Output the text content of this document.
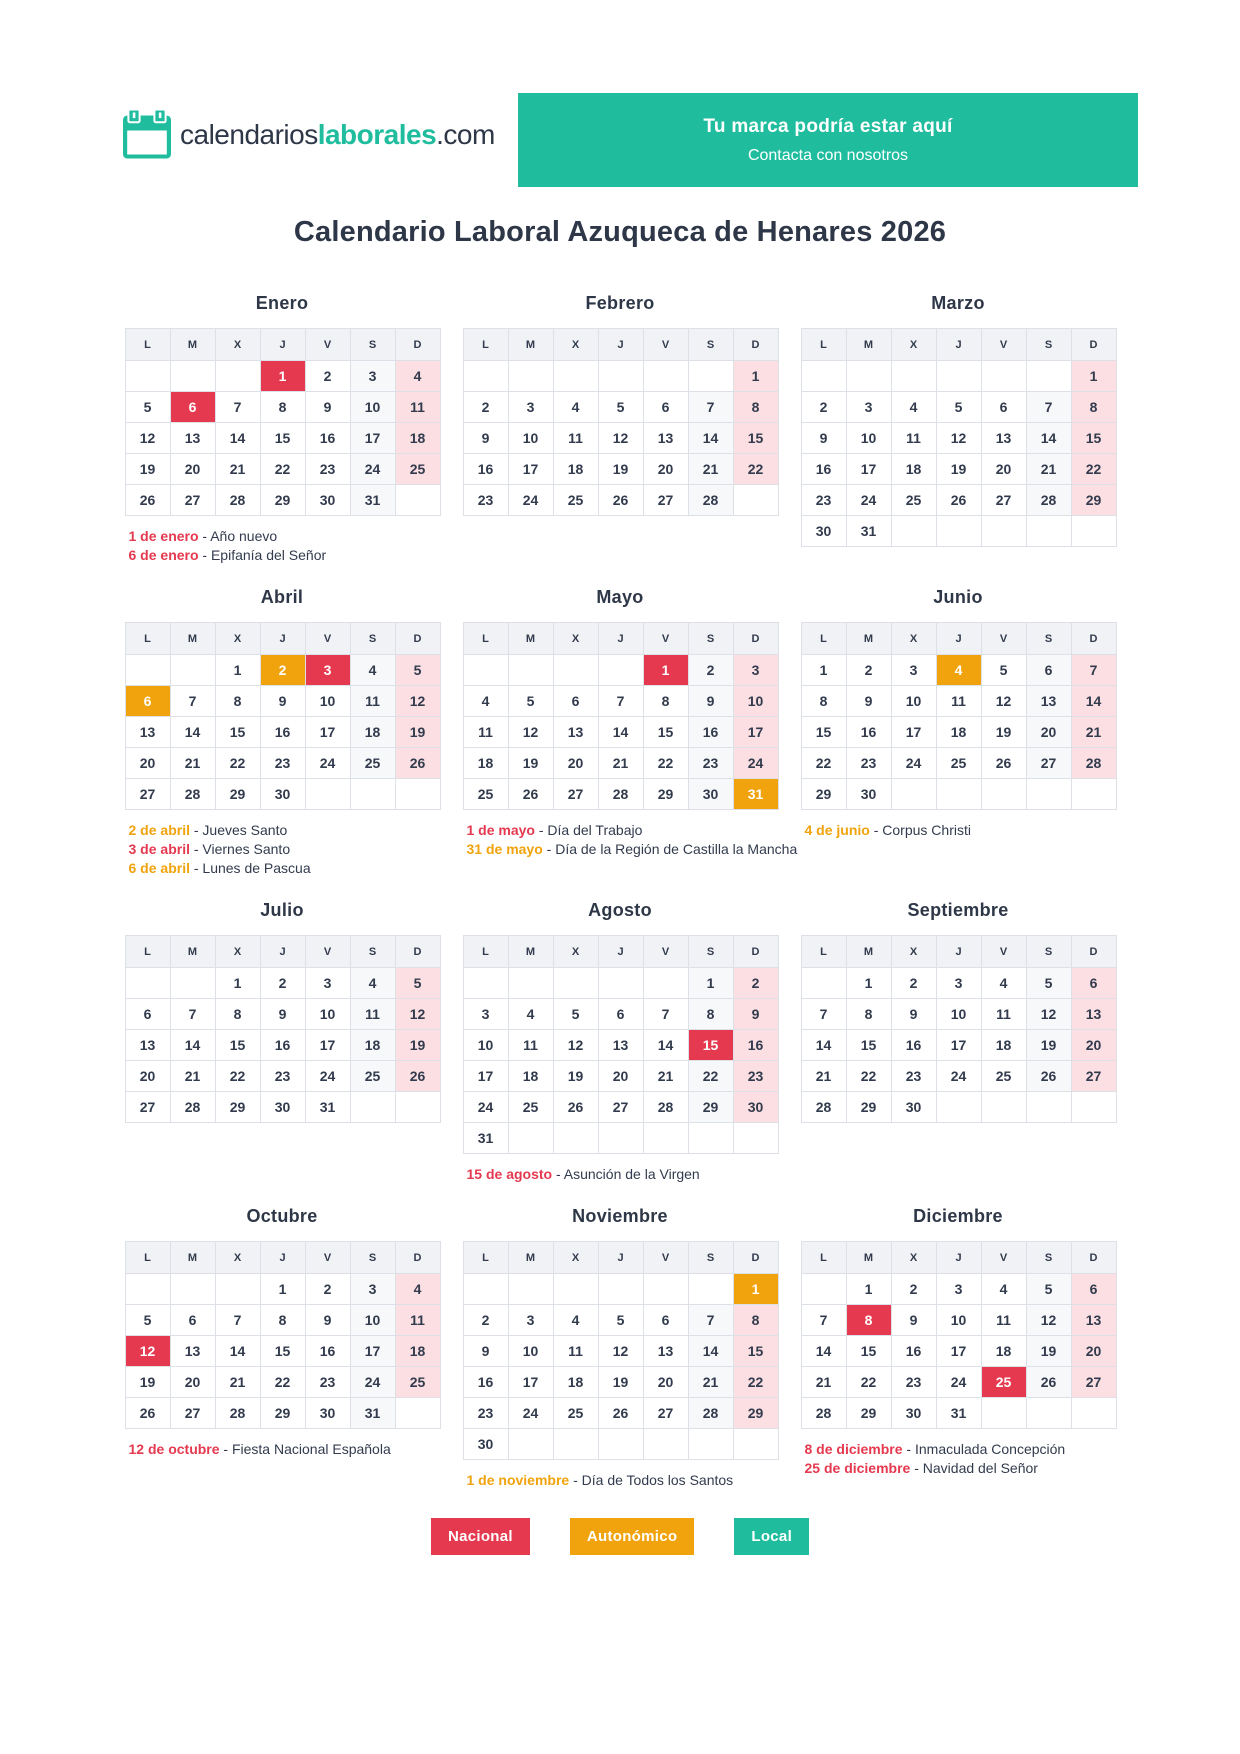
calendarioslaborales.com	Tu marca podría estar aquí
Contacta con nosotros
Calendario Laboral Azuqueca de Henares 2026
Enero
L	M	X	J	V	S	D
			1	2	3	4
5	6	7	8	9	10	11
12	13	14	15	16	17	18
19	20	21	22	23	24	25
26	27	28	29	30	31	
1 de enero - Año nuevo
6 de enero - Epifanía del Señor
Febrero
L	M	X	J	V	S	D
						1
2	3	4	5	6	7	8
9	10	11	12	13	14	15
16	17	18	19	20	21	22
23	24	25	26	27	28	
Marzo
L	M	X	J	V	S	D
						1
2	3	4	5	6	7	8
9	10	11	12	13	14	15
16	17	18	19	20	21	22
23	24	25	26	27	28	29
30	31					
Abril
L	M	X	J	V	S	D
		1	2	3	4	5
6	7	8	9	10	11	12
13	14	15	16	17	18	19
20	21	22	23	24	25	26
27	28	29	30			
2 de abril - Jueves Santo
3 de abril - Viernes Santo
6 de abril - Lunes de Pascua
Mayo
L	M	X	J	V	S	D
				1	2	3
4	5	6	7	8	9	10
11	12	13	14	15	16	17
18	19	20	21	22	23	24
25	26	27	28	29	30	31
1 de mayo - Día del Trabajo
31 de mayo - Día de la Región de Castilla la Mancha
Junio
L	M	X	J	V	S	D
1	2	3	4	5	6	7
8	9	10	11	12	13	14
15	16	17	18	19	20	21
22	23	24	25	26	27	28
29	30					
4 de junio - Corpus Christi
Julio
L	M	X	J	V	S	D
		1	2	3	4	5
6	7	8	9	10	11	12
13	14	15	16	17	18	19
20	21	22	23	24	25	26
27	28	29	30	31		
Agosto
L	M	X	J	V	S	D
					1	2
3	4	5	6	7	8	9
10	11	12	13	14	15	16
17	18	19	20	21	22	23
24	25	26	27	28	29	30
31						
15 de agosto - Asunción de la Virgen
Septiembre
L	M	X	J	V	S	D
	1	2	3	4	5	6
7	8	9	10	11	12	13
14	15	16	17	18	19	20
21	22	23	24	25	26	27
28	29	30				
Octubre
L	M	X	J	V	S	D
			1	2	3	4
5	6	7	8	9	10	11
12	13	14	15	16	17	18
19	20	21	22	23	24	25
26	27	28	29	30	31	
12 de octubre - Fiesta Nacional Española
Noviembre
L	M	X	J	V	S	D
						1
2	3	4	5	6	7	8
9	10	11	12	13	14	15
16	17	18	19	20	21	22
23	24	25	26	27	28	29
30						
1 de noviembre - Día de Todos los Santos
Diciembre
L	M	X	J	V	S	D
	1	2	3	4	5	6
7	8	9	10	11	12	13
14	15	16	17	18	19	20
21	22	23	24	25	26	27
28	29	30	31			
8 de diciembre - Inmaculada Concepción
25 de diciembre - Navidad del Señor
Nacional	Autonómico	Local
